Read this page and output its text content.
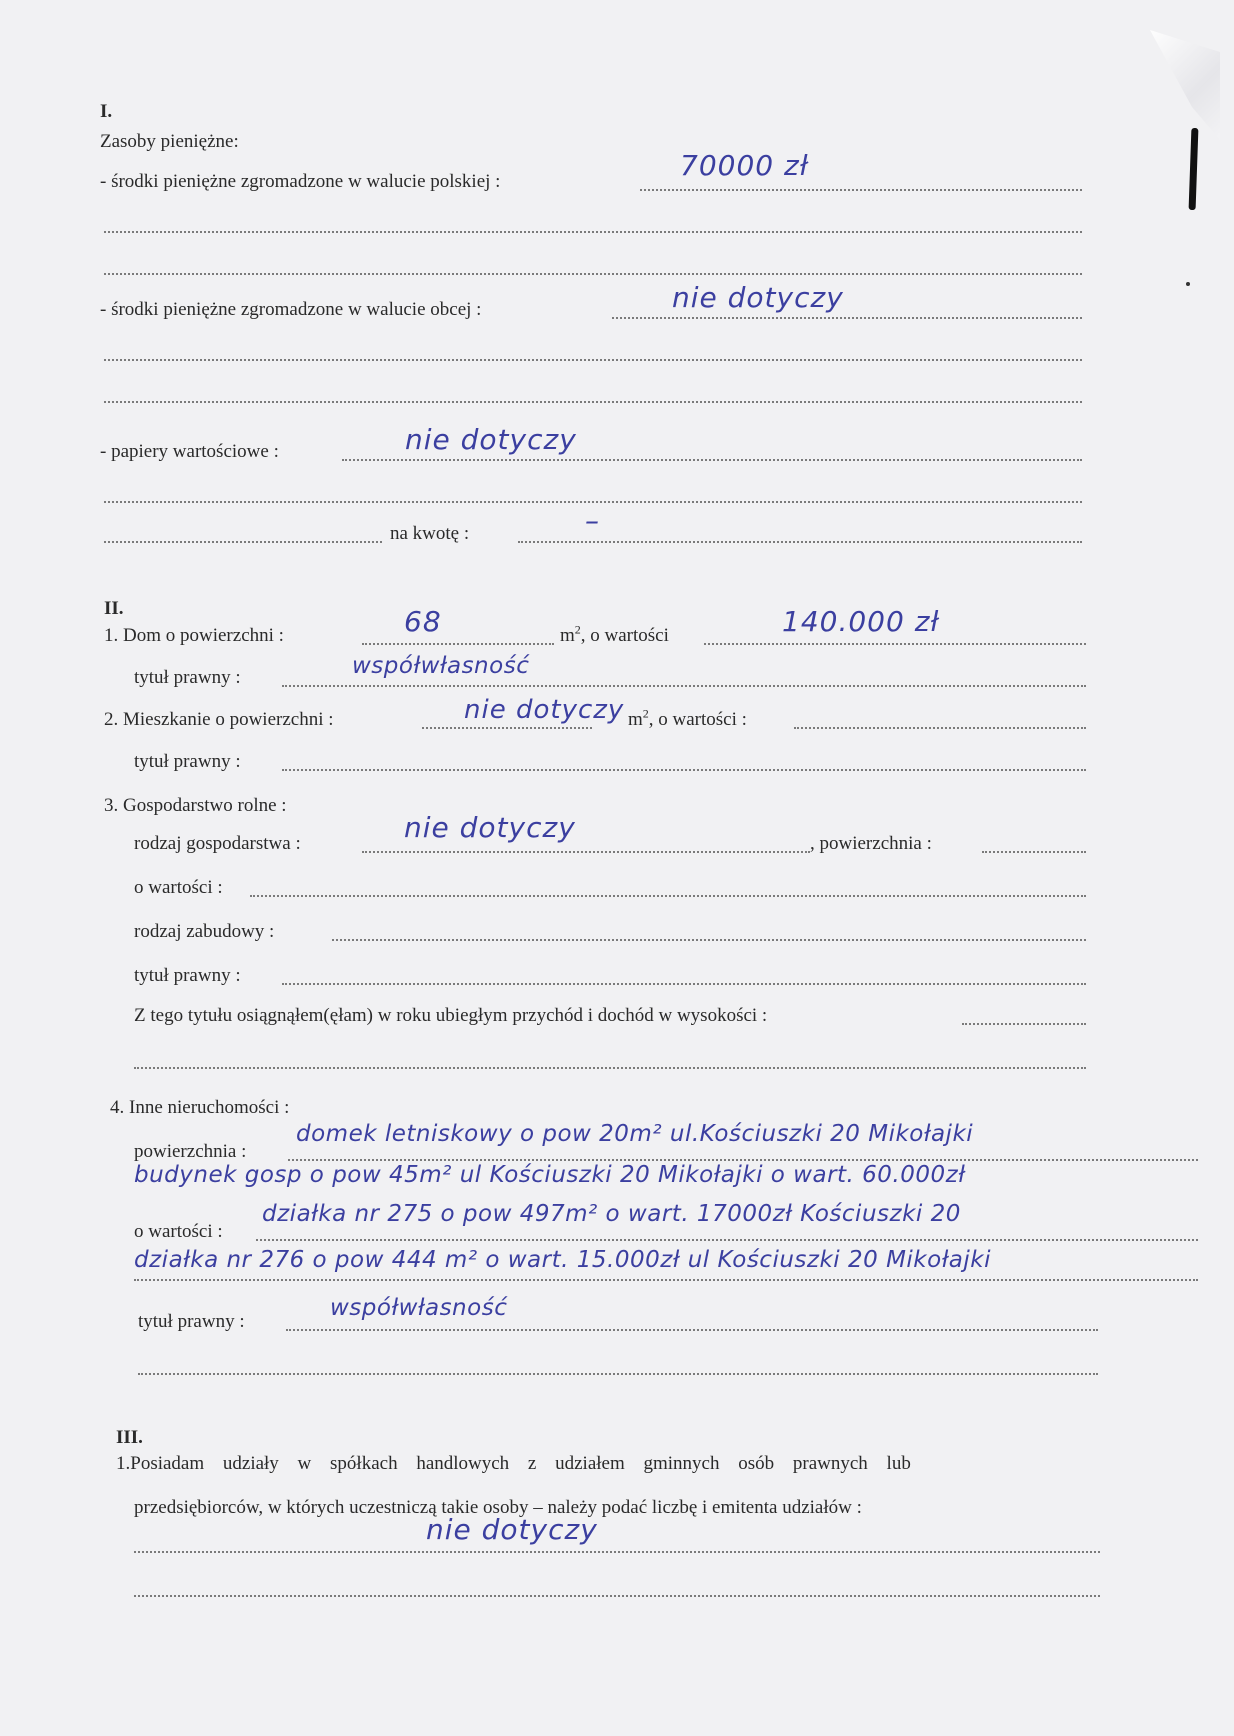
I.
Zasoby pieniężne:
- środki pieniężne zgromadzone w walucie polskiej :	70000 zł
- środki pieniężne zgromadzone w walucie obcej :	nie dotyczy
- papiery wartościowe :	nie dotyczy
na kwotę :	–
II.
1. Dom o powierzchni :	68	$m^2$, o wartości	140.000 zł
tytuł prawny :	współwłasność
2. Mieszkanie o powierzchni :	nie dotyczy $m^2$, o wartości :
tytuł prawny :
3. Gospodarstwo rolne :
rodzaj gospodarstwa :	nie dotyczy	, powierzchnia :
o wartości :
rodzaj zabudowy :
tytuł prawny :
Z tego tytułu osiągnąłem(ęłam) w roku ubiegłym przychód i dochód w wysokości :
4. Inne nieruchomości :
powierzchnia :
domek letniskowy o pow 20m² ul.Kościuszki 20 Mikołajki
budynek gosp o pow 45m² ul Kościuszki 20 Mikołajki o wart. 60.000zł
o wartości :
działka nr 275 o pow 497m² o wart. 17000zł Kościuszki 20
działka nr 276 o pow 444 m² o wart. 15.000zł ul Kościuszki 20 Mikołajki
tytuł prawny :
współwłasność
III.
1.Posiadam udziały w spółkach handlowych z udziałem gminnych osób prawnych lub
przedsiębiorców, w których uczestniczą takie osoby – należy podać liczbę i emitenta udziałów :
nie dotyczy
